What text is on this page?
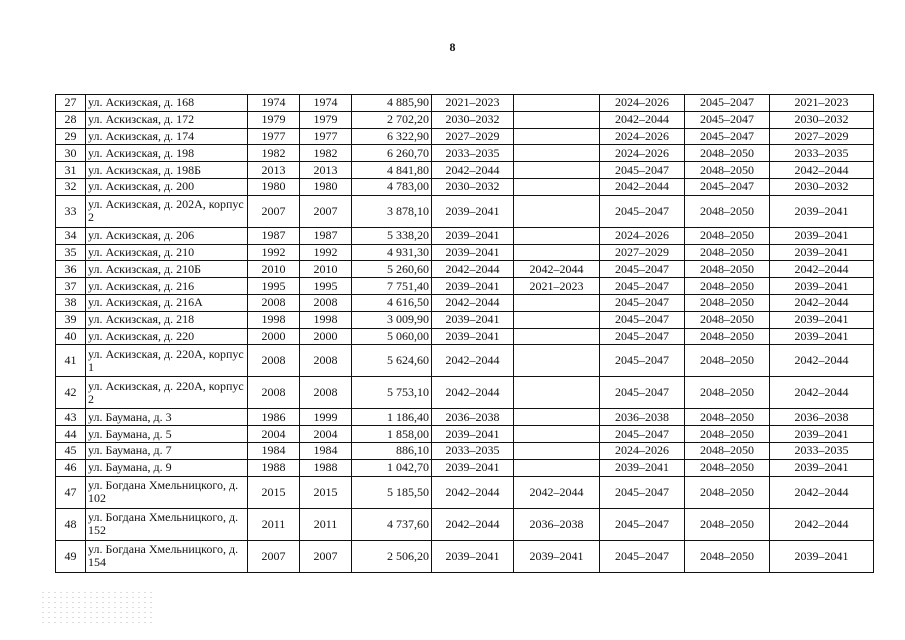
8
27	ул. Аскизская, д. 168	1974	1974	4 885,90	2021–2023		2024–2026	2045–2047	2021–2023
28	ул. Аскизская, д. 172	1979	1979	2 702,20	2030–2032		2042–2044	2045–2047	2030–2032
29	ул. Аскизская, д. 174	1977	1977	6 322,90	2027–2029		2024–2026	2045–2047	2027–2029
30	ул. Аскизская, д. 198	1982	1982	6 260,70	2033–2035		2024–2026	2048–2050	2033–2035
31	ул. Аскизская, д. 198Б	2013	2013	4 841,80	2042–2044		2045–2047	2048–2050	2042–2044
32	ул. Аскизская, д. 200	1980	1980	4 783,00	2030–2032		2042–2044	2045–2047	2030–2032
33	ул. Аскизская, д. 202А, корпус 2	2007	2007	3 878,10	2039–2041		2045–2047	2048–2050	2039–2041
34	ул. Аскизская, д. 206	1987	1987	5 338,20	2039–2041		2024–2026	2048–2050	2039–2041
35	ул. Аскизская, д. 210	1992	1992	4 931,30	2039–2041		2027–2029	2048–2050	2039–2041
36	ул. Аскизская, д. 210Б	2010	2010	5 260,60	2042–2044	2042–2044	2045–2047	2048–2050	2042–2044
37	ул. Аскизская, д. 216	1995	1995	7 751,40	2039–2041	2021–2023	2045–2047	2048–2050	2039–2041
38	ул. Аскизская, д. 216А	2008	2008	4 616,50	2042–2044		2045–2047	2048–2050	2042–2044
39	ул. Аскизская, д. 218	1998	1998	3 009,90	2039–2041		2045–2047	2048–2050	2039–2041
40	ул. Аскизская, д. 220	2000	2000	5 060,00	2039–2041		2045–2047	2048–2050	2039–2041
41	ул. Аскизская, д. 220А, корпус 1	2008	2008	5 624,60	2042–2044		2045–2047	2048–2050	2042–2044
42	ул. Аскизская, д. 220А, корпус 2	2008	2008	5 753,10	2042–2044		2045–2047	2048–2050	2042–2044
43	ул. Баумана, д. 3	1986	1999	1 186,40	2036–2038		2036–2038	2048–2050	2036–2038
44	ул. Баумана, д. 5	2004	2004	1 858,00	2039–2041		2045–2047	2048–2050	2039–2041
45	ул. Баумана, д. 7	1984	1984	886,10	2033–2035		2024–2026	2048–2050	2033–2035
46	ул. Баумана, д. 9	1988	1988	1 042,70	2039–2041		2039–2041	2048–2050	2039–2041
47	ул. Богдана Хмельницкого, д. 102	2015	2015	5 185,50	2042–2044	2042–2044	2045–2047	2048–2050	2042–2044
48	ул. Богдана Хмельницкого, д. 152	2011	2011	4 737,60	2042–2044	2036–2038	2045–2047	2048–2050	2042–2044
49	ул. Богдана Хмельницкого, д. 154	2007	2007	2 506,20	2039–2041	2039–2041	2045–2047	2048–2050	2039–2041
